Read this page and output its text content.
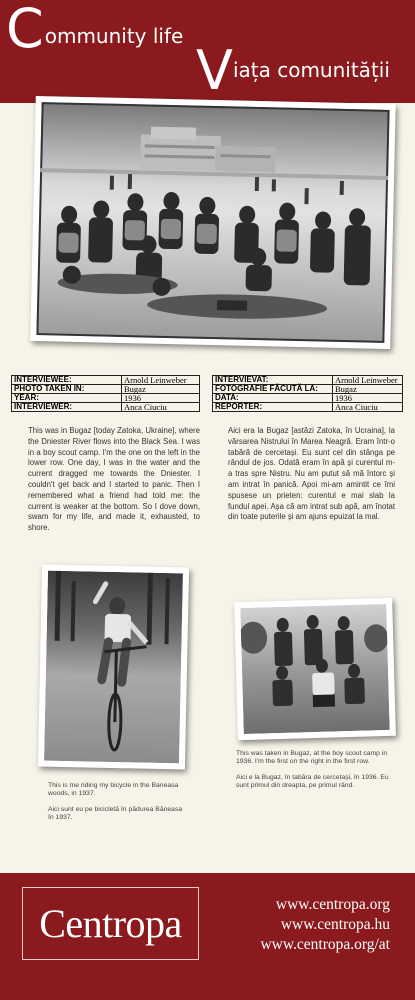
Community life
Viața comunității
INTERVIEWEE:	Arnold Leinweber
PHOTO TAKEN IN:	Bugaz
YEAR:	1936
INTERVIEWER:	Anca Ciuciu
INTERVIEVAT:	Arnold Leinweber
FOTOGRAFIE FĂCUTĂ LA:	Bugaz
DATA:	1936
REPORTER:	Anca Ciuciu

This was in Bugaz [today Zatoka, Ukraine], where the Dniester River flows into the Black Sea. I was in a boy scout camp. I'm the one on the left in the lower row. One day, I was in the water and the current dragged me towards the Dniester. I couldn't get back and I started to panic. Then I remembered what a friend had told me: the current is weaker at the bottom. So I dove down, swam for my life, and made it, exhausted, to shore.

Aici era la Bugaz [astăzi Zatoka, în Ucraina], la vărsarea Nistrului în Marea Neagră. Eram într-o tabără de cercetași. Eu sunt cel din stânga pe rândul de jos. Odată eram în apă și curentul m-a tras spre Nistru. Nu am putut să mă întorc și am intrat în panică. Apoi mi-am amintit ce îmi spusese un prieten: curentul e mai slab la fundul apei. Așa că am intrat sub apă, am înotat din toate puterile și am ajuns epuizat la mal.

This is me riding my bicycle in the Baneasa woods, in 1937.

Aici sunt eu pe bicicletă în pădurea Băneasa în 1937.

This was taken in Bugaz, at the boy scout camp in 1936. I'm the first on the right in the first row.

Aici e la Bugaz, în tabăra de cercetași, în 1936. Eu sunt primul din dreapta, pe primul rând.

Centropa	www.centropa.org
www.centropa.hu
www.centropa.org/at
